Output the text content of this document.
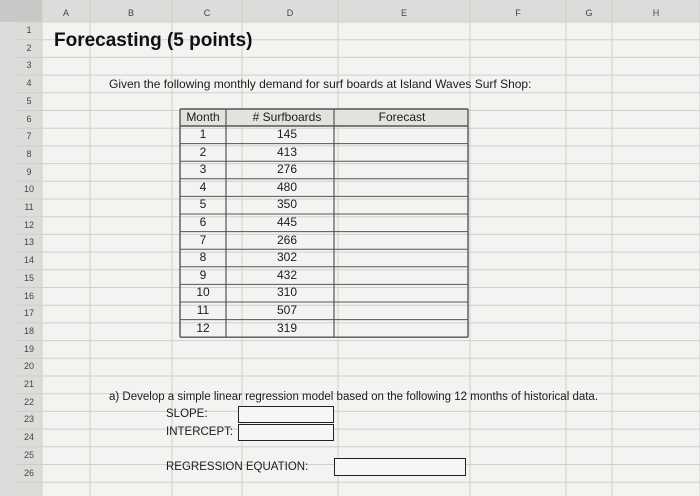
A	B	C	D	E	F	G	H
1
2
3
4
5
6
7
8
9
10
11
12
13
14
15
16
17
18
19
20
21
22
23
24
25
26
Forecasting (5 points)
Given the following monthly demand for surf boards at Island Waves Surf Shop:
Month	# Surfboards	Forecast
1	145
2	413
3	276
4	480
5	350
6	445
7	266
8	302
9	432
10	310
11	507
12	319
a) Develop a simple linear regression model based on the following 12 months of historical data.
SLOPE:
INTERCEPT:
REGRESSION EQUATION:
